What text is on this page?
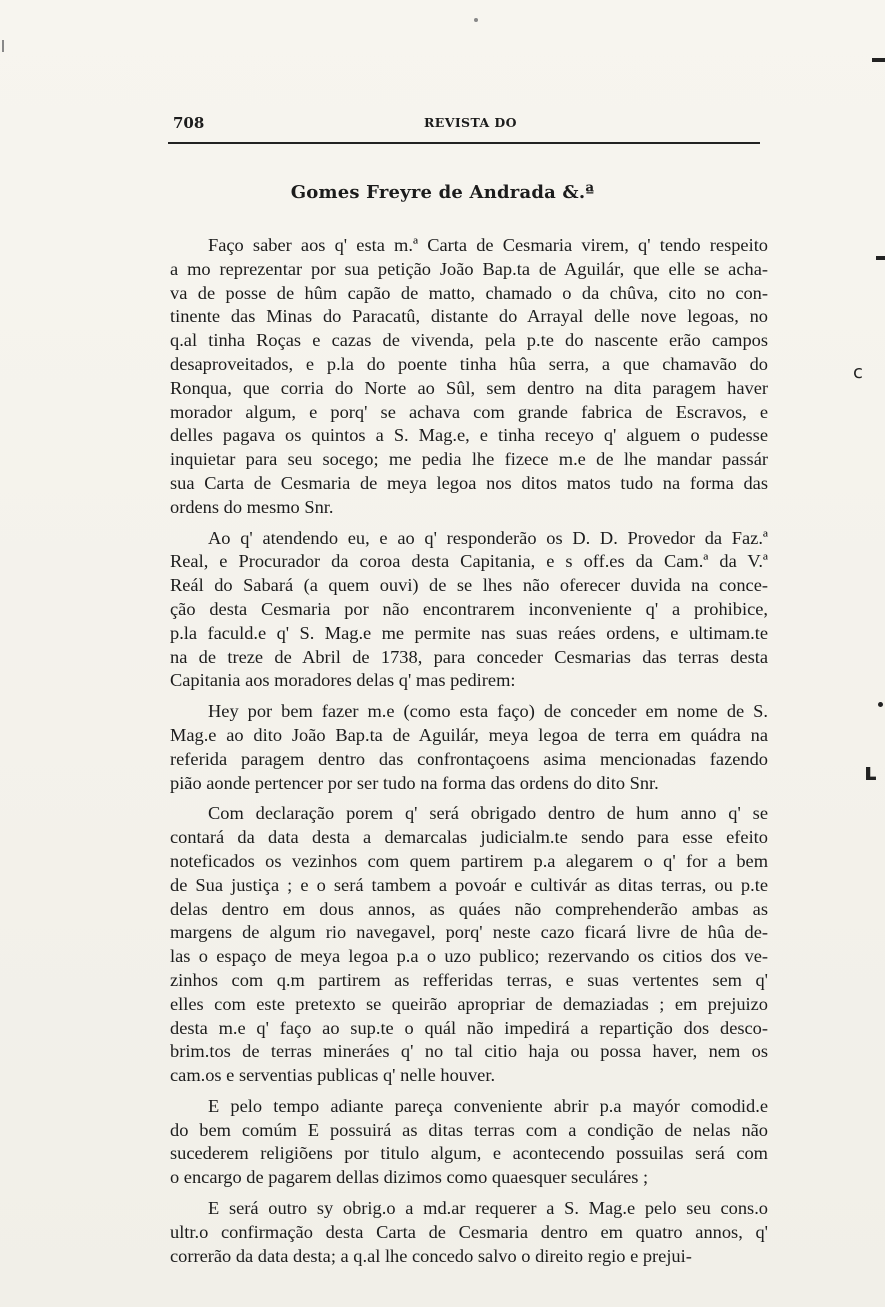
ⅽ
ʟ
708	REVISTA DO
Gomes Freyre de Andrada &.ª
Faço saber aos q' esta m.ª Carta de Cesmaria virem, q' tendo respeito
a mo reprezentar por sua petição João Bap.ta de Aguilár, que elle se acha-
va de posse de hûm capão de matto, chamado o da chûva, cito no con-
tinente das Minas do Paracatû, distante do Arrayal delle nove legoas, no
q.al tinha Roças e cazas de vivenda, pela p.te do nascente erão campos
desaproveitados, e p.la do poente tinha hûa serra, a que chamavão do
Ronqua, que corria do Norte ao Sûl, sem dentro na dita paragem haver
morador algum, e porq' se achava com grande fabrica de Escravos, e
delles pagava os quintos a S. Mag.e, e tinha receyo q' alguem o pudesse
inquietar para seu socego; me pedia lhe fizece m.e de lhe mandar passár
sua Carta de Cesmaria de meya legoa nos ditos matos tudo na forma das
ordens do mesmo Snr.
Ao q' atendendo eu, e ao q' responderão os D. D. Provedor da Faz.ª
Real, e Procurador da coroa desta Capitania, e s off.es da Cam.ª da V.ª
Reál do Sabará (a quem ouvi) de se lhes não oferecer duvida na conce-
ção desta Cesmaria por não encontrarem inconveniente q' a prohibice,
p.la faculd.e q' S. Mag.e me permite nas suas reáes ordens, e ultimam.te
na de treze de Abril de 1738, para conceder Cesmarias das terras desta
Capitania aos moradores delas q' mas pedirem:
Hey por bem fazer m.e (como esta faço) de conceder em nome de S.
Mag.e ao dito João Bap.ta de Aguilár, meya legoa de terra em quádra na
referida paragem dentro das confrontaçoens asima mencionadas fazendo
pião aonde pertencer por ser tudo na forma das ordens do dito Snr.
Com declaração porem q' será obrigado dentro de hum anno q' se
contará da data desta a demarcalas judicialm.te sendo para esse efeito
noteficados os vezinhos com quem partirem p.a alegarem o q' for a bem
de Sua justiça ; e o será tambem a povoár e cultivár as ditas terras, ou p.te
delas dentro em dous annos, as quáes não comprehenderão ambas as
margens de algum rio navegavel, porq' neste cazo ficará livre de hûa de-
las o espaço de meya legoa p.a o uzo publico; rezervando os citios dos ve-
zinhos com q.m partirem as refferidas terras, e suas vertentes sem q'
elles com este pretexto se queirão apropriar de demaziadas ; em prejuizo
desta m.e q' faço ao sup.te o quál não impedirá a repartição dos desco-
brim.tos de terras mineráes q' no tal citio haja ou possa haver, nem os
cam.os e serventias publicas q' nelle houver.
E pelo tempo adiante pareça conveniente abrir p.a mayór comodid.e
do bem comúm E possuirá as ditas terras com a condição de nelas não
sucederem religiõens por titulo algum, e acontecendo possuilas será com
o encargo de pagarem dellas dizimos como quaesquer seculáres ;
E será outro sy obrig.o a md.ar requerer a S. Mag.e pelo seu cons.o
ultr.o confirmação desta Carta de Cesmaria dentro em quatro annos, q'
correrão da data desta; a q.al lhe concedo salvo o direito regio e prejui-
